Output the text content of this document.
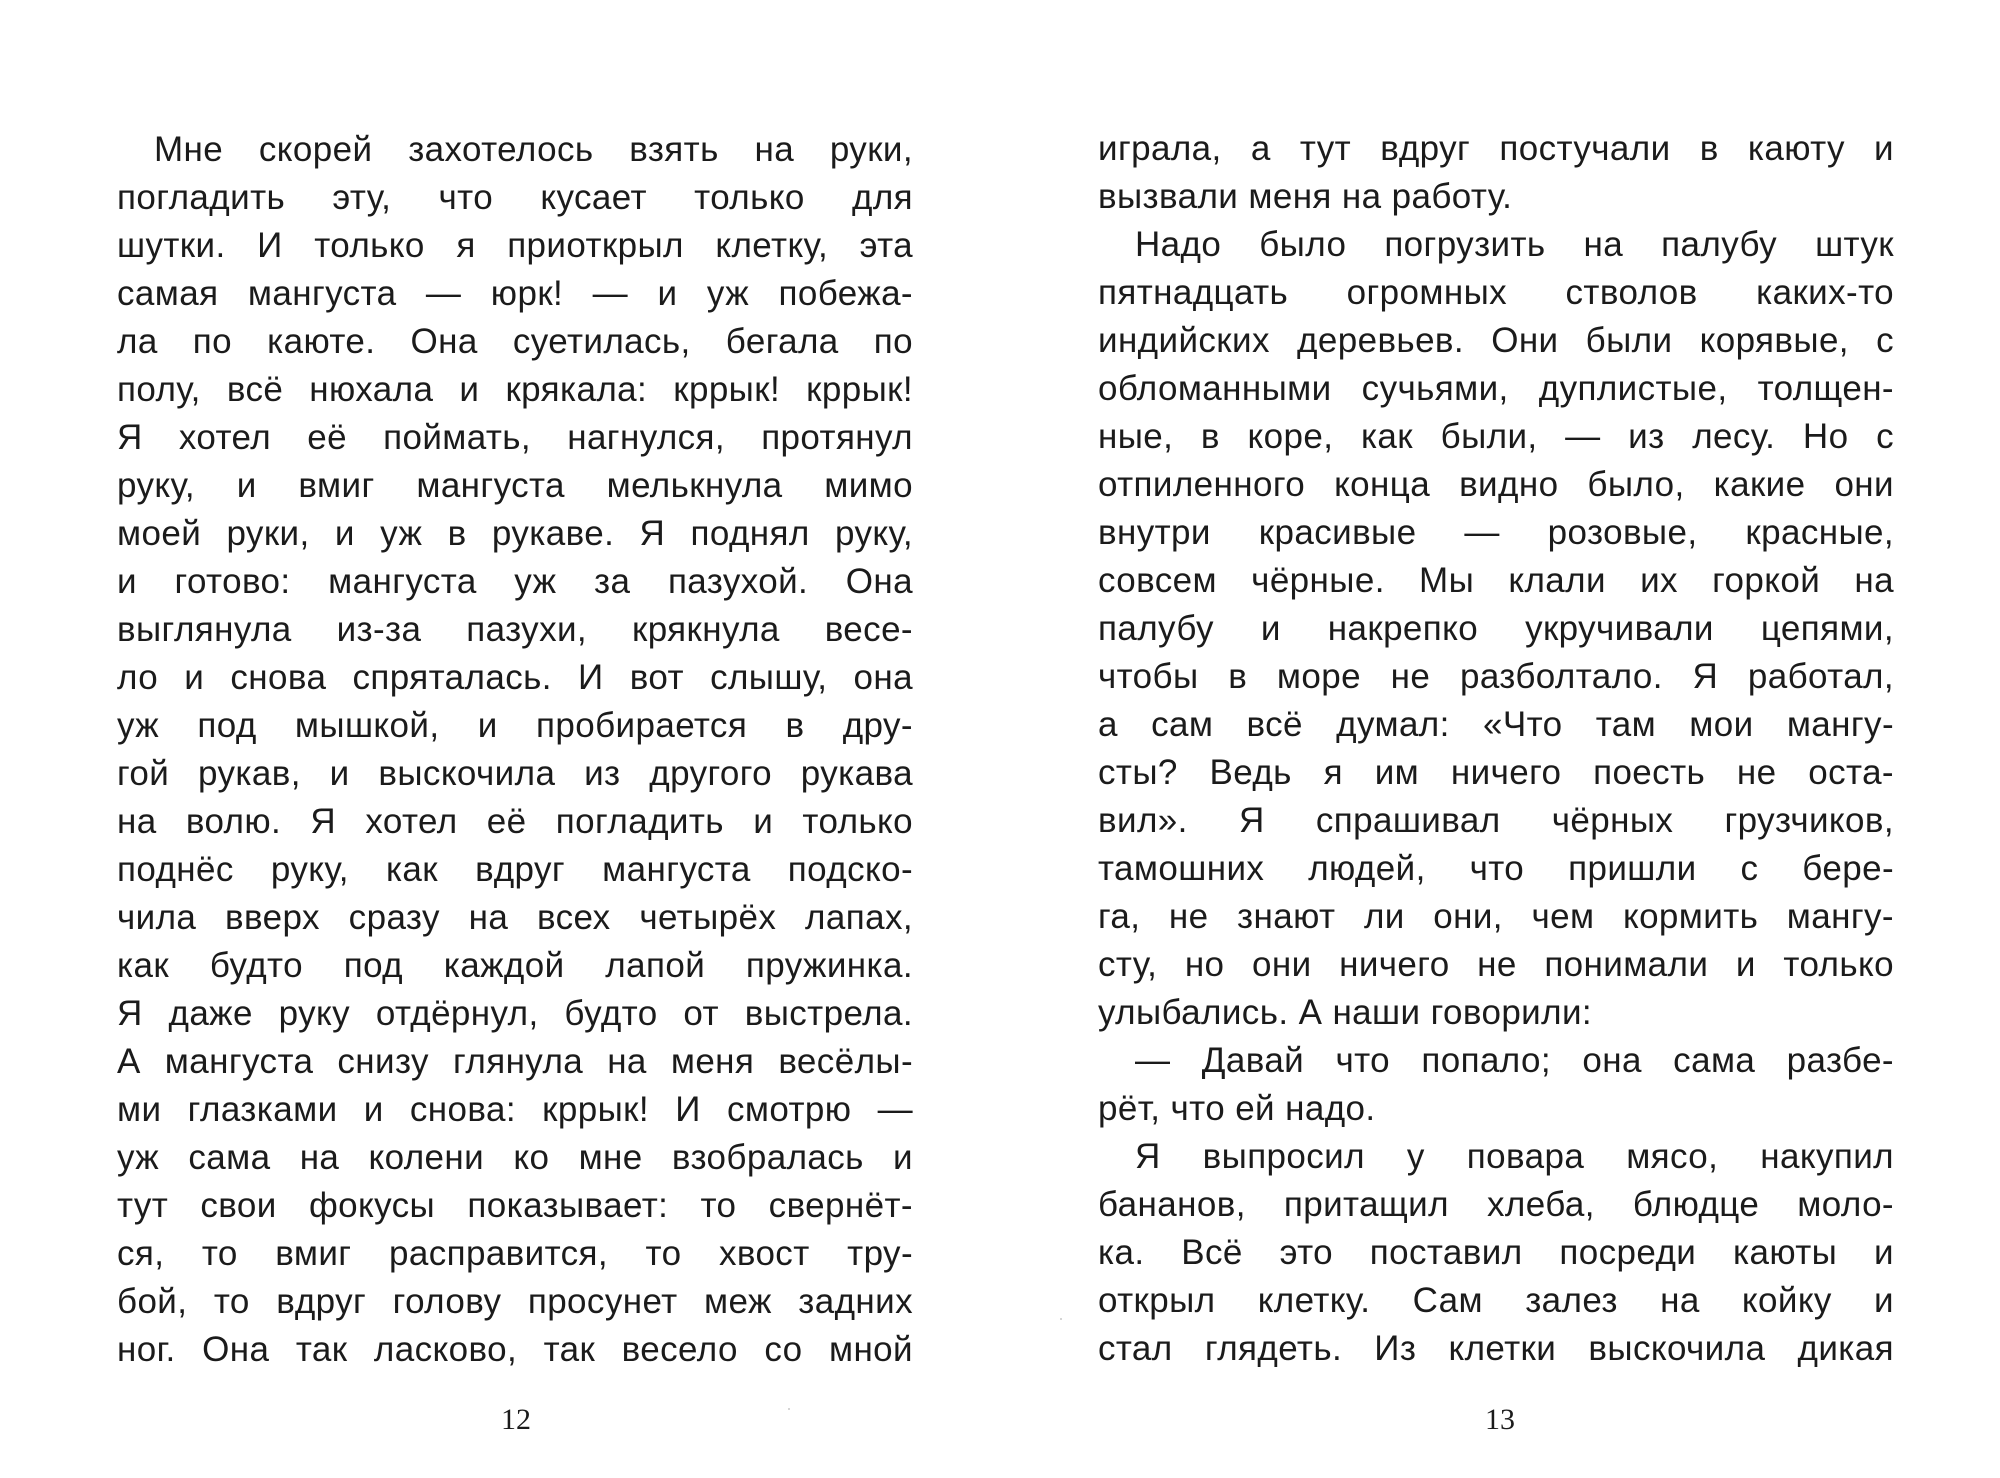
Мне скорей захотелось взять на руки,
погладить эту, что кусает только для
шутки. И только я приоткрыл клетку, эта
самая мангуста — юрк! — и уж побежа-
ла по каюте. Она суетилась, бегала по
полу, всё нюхала и крякала: кррык! кррык!
Я хотел её поймать, нагнулся, протянул
руку, и вмиг мангуста мелькнула мимо
моей руки, и уж в рукаве. Я поднял руку,
и готово: мангуста уж за пазухой. Она
выглянула из-за пазухи, крякнула весе-
ло и снова спряталась. И вот слышу, она
уж под мышкой, и пробирается в дру-
гой рукав, и выскочила из другого рукава
на волю. Я хотел её погладить и только
поднёс руку, как вдруг мангуста подско-
чила вверх сразу на всех четырёх лапах,
как будто под каждой лапой пружинка.
Я даже руку отдёрнул, будто от выстрела.
А мангуста снизу глянула на меня весёлы-
ми глазками и снова: кррык! И смотрю —
уж сама на колени ко мне взобралась и
тут свои фокусы показывает: то свернёт-
ся, то вмиг расправится, то хвост тру-
бой, то вдруг голову просунет меж задних
ног. Она так ласково, так весело со мной
12
играла, а тут вдруг постучали в каюту и
вызвали меня на работу.
Надо было погрузить на палубу штук
пятнадцать огромных стволов каких-то
индийских деревьев. Они были корявые, с
обломанными сучьями, дуплистые, толщен-
ные, в коре, как были, — из лесу. Но с
отпиленного конца видно было, какие они
внутри красивые — розовые, красные,
совсем чёрные. Мы клали их горкой на
палубу и накрепко укручивали цепями,
чтобы в море не разболтало. Я работал,
а сам всё думал: «Что там мои мангу-
сты? Ведь я им ничего поесть не оста-
вил». Я спрашивал чёрных грузчиков,
тамошних людей, что пришли с бере-
га, не знают ли они, чем кормить мангу-
сту, но они ничего не понимали и только
улыбались. А наши говорили:
— Давай что попало; она сама разбе-
рёт, что ей надо.
Я выпросил у повара мясо, накупил
бананов, притащил хлеба, блюдце моло-
ка. Всё это поставил посреди каюты и
открыл клетку. Сам залез на койку и
стал глядеть. Из клетки выскочила дикая
13
